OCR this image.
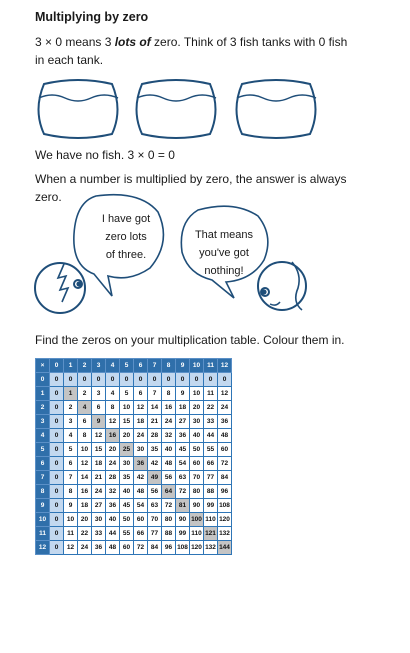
Multiplying by zero
3 × 0 means 3 lots of zero. Think of 3 fish tanks with 0 fish in each tank.
We have no fish. 3 × 0 = 0
When a number is multiplied by zero, the answer is always zero.
I have got
zero lots
of three.
That means
you've got
nothing!
Find the zeros on your multiplication table. Colour them in.
×	0	1	2	3	4	5	6	7	8	9	10	11	12
0	0	0	0	0	0	0	0	0	0	0	0	0	0
1	0	1	2	3	4	5	6	7	8	9	10	11	12
2	0	2	4	6	8	10	12	14	16	18	20	22	24
3	0	3	6	9	12	15	18	21	24	27	30	33	36
4	0	4	8	12	16	20	24	28	32	36	40	44	48
5	0	5	10	15	20	25	30	35	40	45	50	55	60
6	0	6	12	18	24	30	36	42	48	54	60	66	72
7	0	7	14	21	28	35	42	49	56	63	70	77	84
8	0	8	16	24	32	40	48	56	64	72	80	88	96
9	0	9	18	27	36	45	54	63	72	81	90	99	108
10	0	10	20	30	40	50	60	70	80	90	100	110	120
11	0	11	22	33	44	55	66	77	88	99	110	121	132
12	0	12	24	36	48	60	72	84	96	108	120	132	144
